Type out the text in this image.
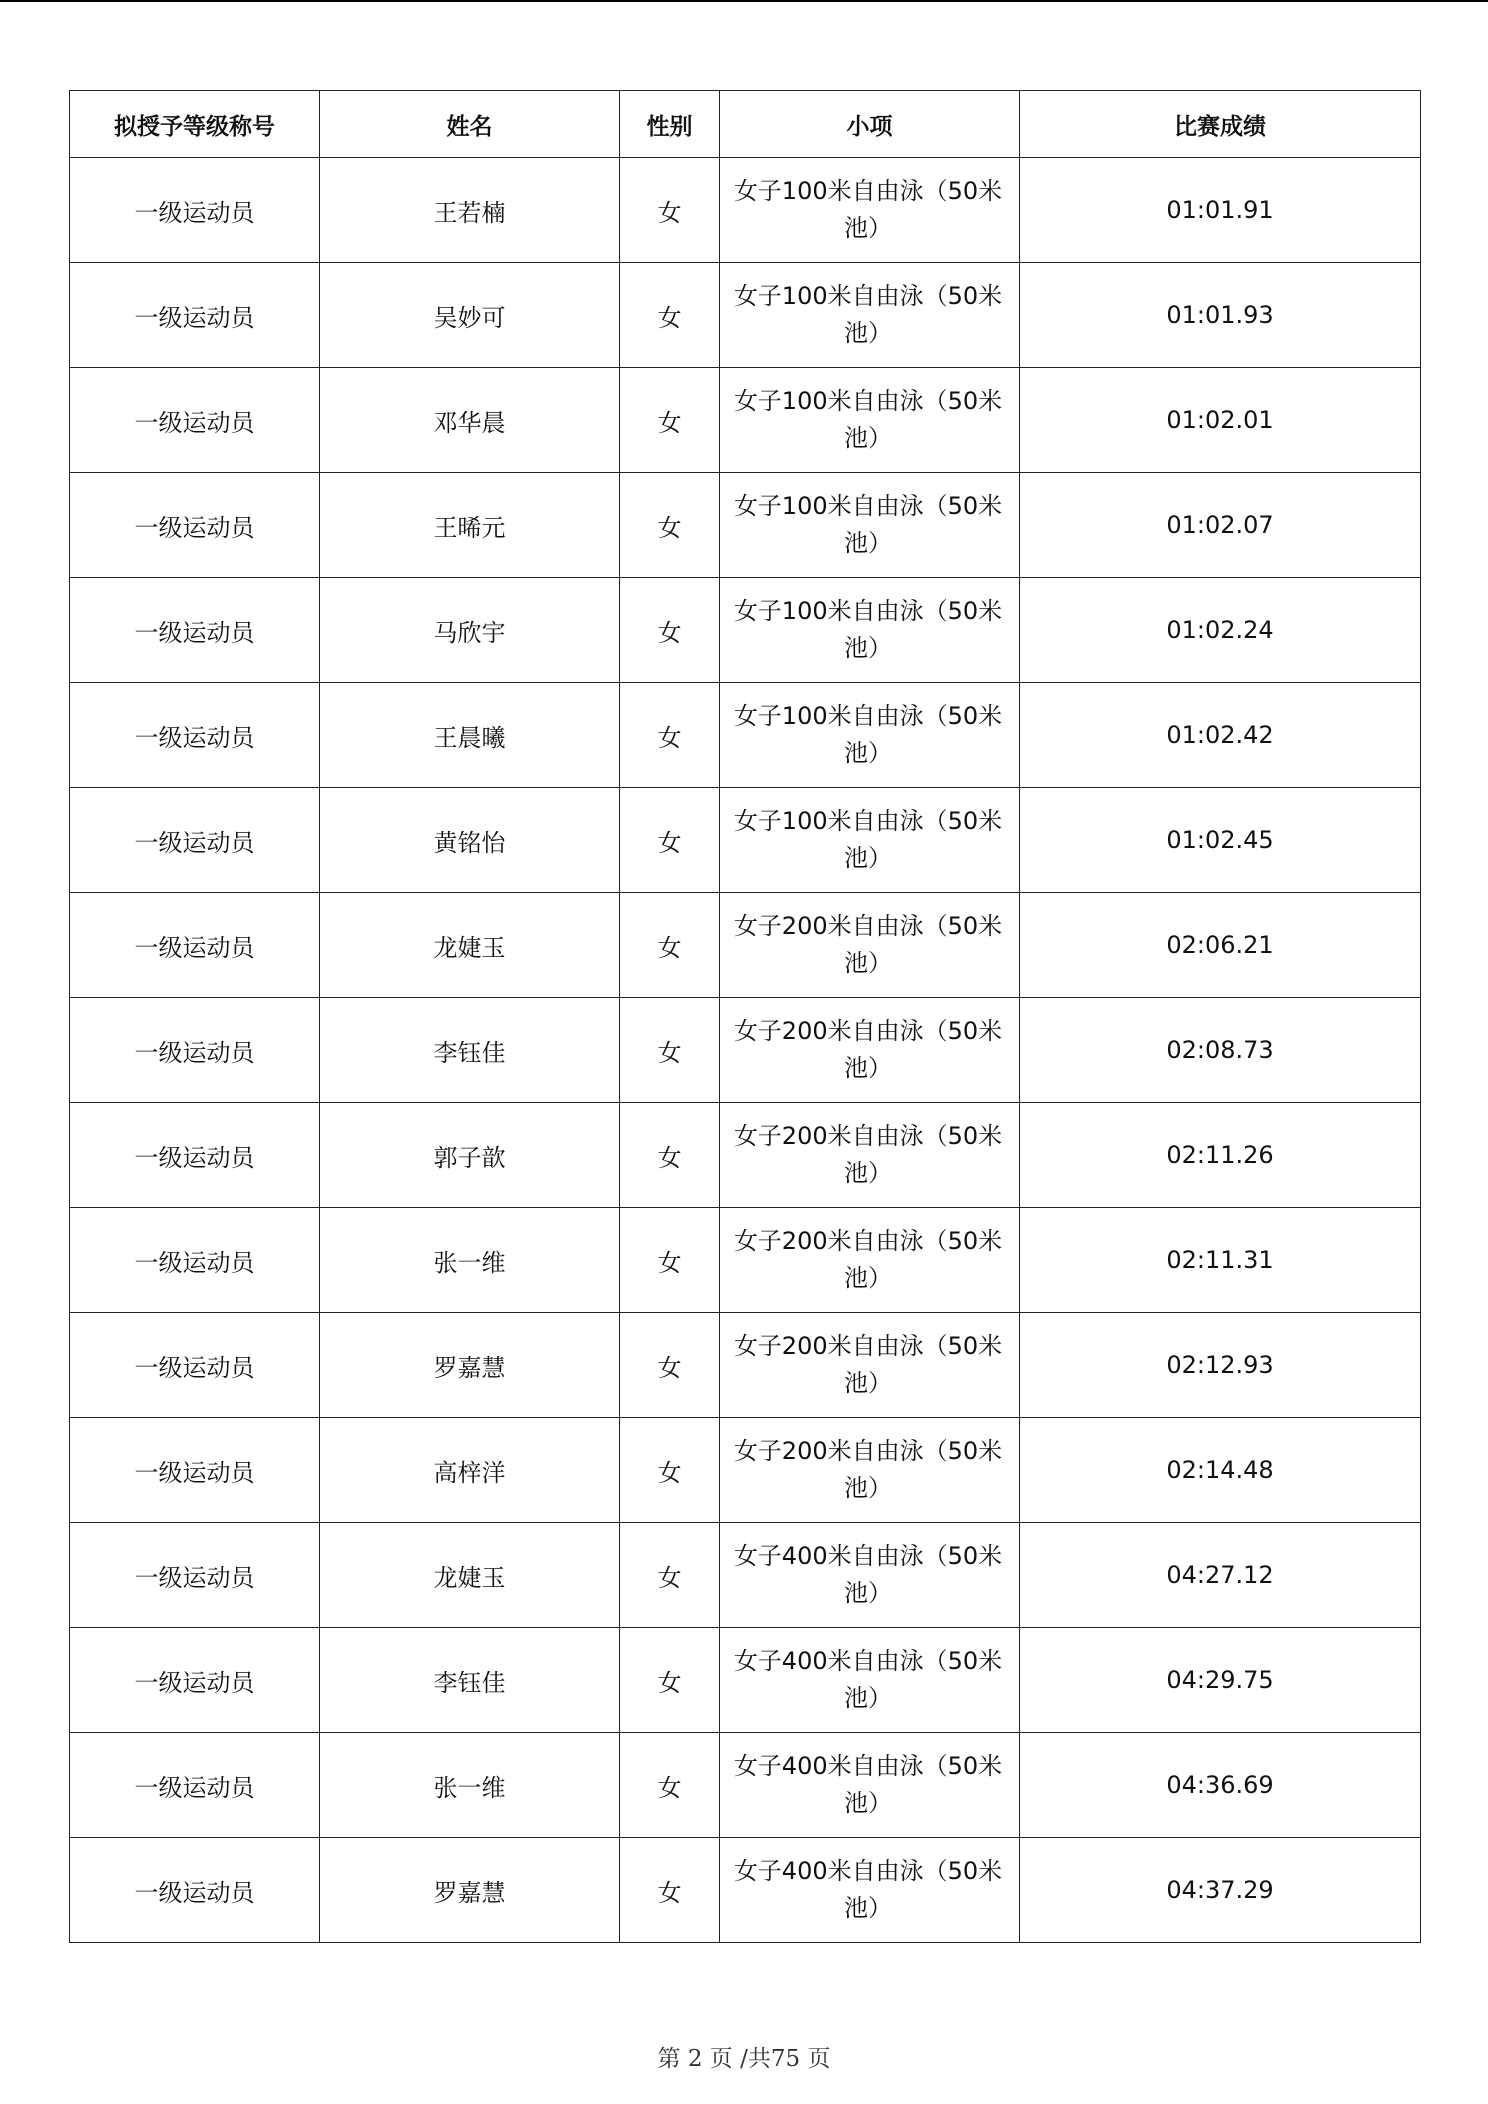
拟授予等级称号	姓名	性别	小项	比赛成绩
一级运动员	王若楠	女	女子100米自由泳（50米池）	01:01.91
一级运动员	吴妙可	女	女子100米自由泳（50米池）	01:01.93
一级运动员	邓华晨	女	女子100米自由泳（50米池）	01:02.01
一级运动员	王晞元	女	女子100米自由泳（50米池）	01:02.07
一级运动员	马欣宇	女	女子100米自由泳（50米池）	01:02.24
一级运动员	王晨曦	女	女子100米自由泳（50米池）	01:02.42
一级运动员	黄铭怡	女	女子100米自由泳（50米池）	01:02.45
一级运动员	龙婕玉	女	女子200米自由泳（50米池）	02:06.21
一级运动员	李钰佳	女	女子200米自由泳（50米池）	02:08.73
一级运动员	郭子歆	女	女子200米自由泳（50米池）	02:11.26
一级运动员	张一维	女	女子200米自由泳（50米池）	02:11.31
一级运动员	罗嘉慧	女	女子200米自由泳（50米池）	02:12.93
一级运动员	高梓洋	女	女子200米自由泳（50米池）	02:14.48
一级运动员	龙婕玉	女	女子400米自由泳（50米池）	04:27.12
一级运动员	李钰佳	女	女子400米自由泳（50米池）	04:29.75
一级运动员	张一维	女	女子400米自由泳（50米池）	04:36.69
一级运动员	罗嘉慧	女	女子400米自由泳（50米池）	04:37.29
第 2 页 /共75 页
